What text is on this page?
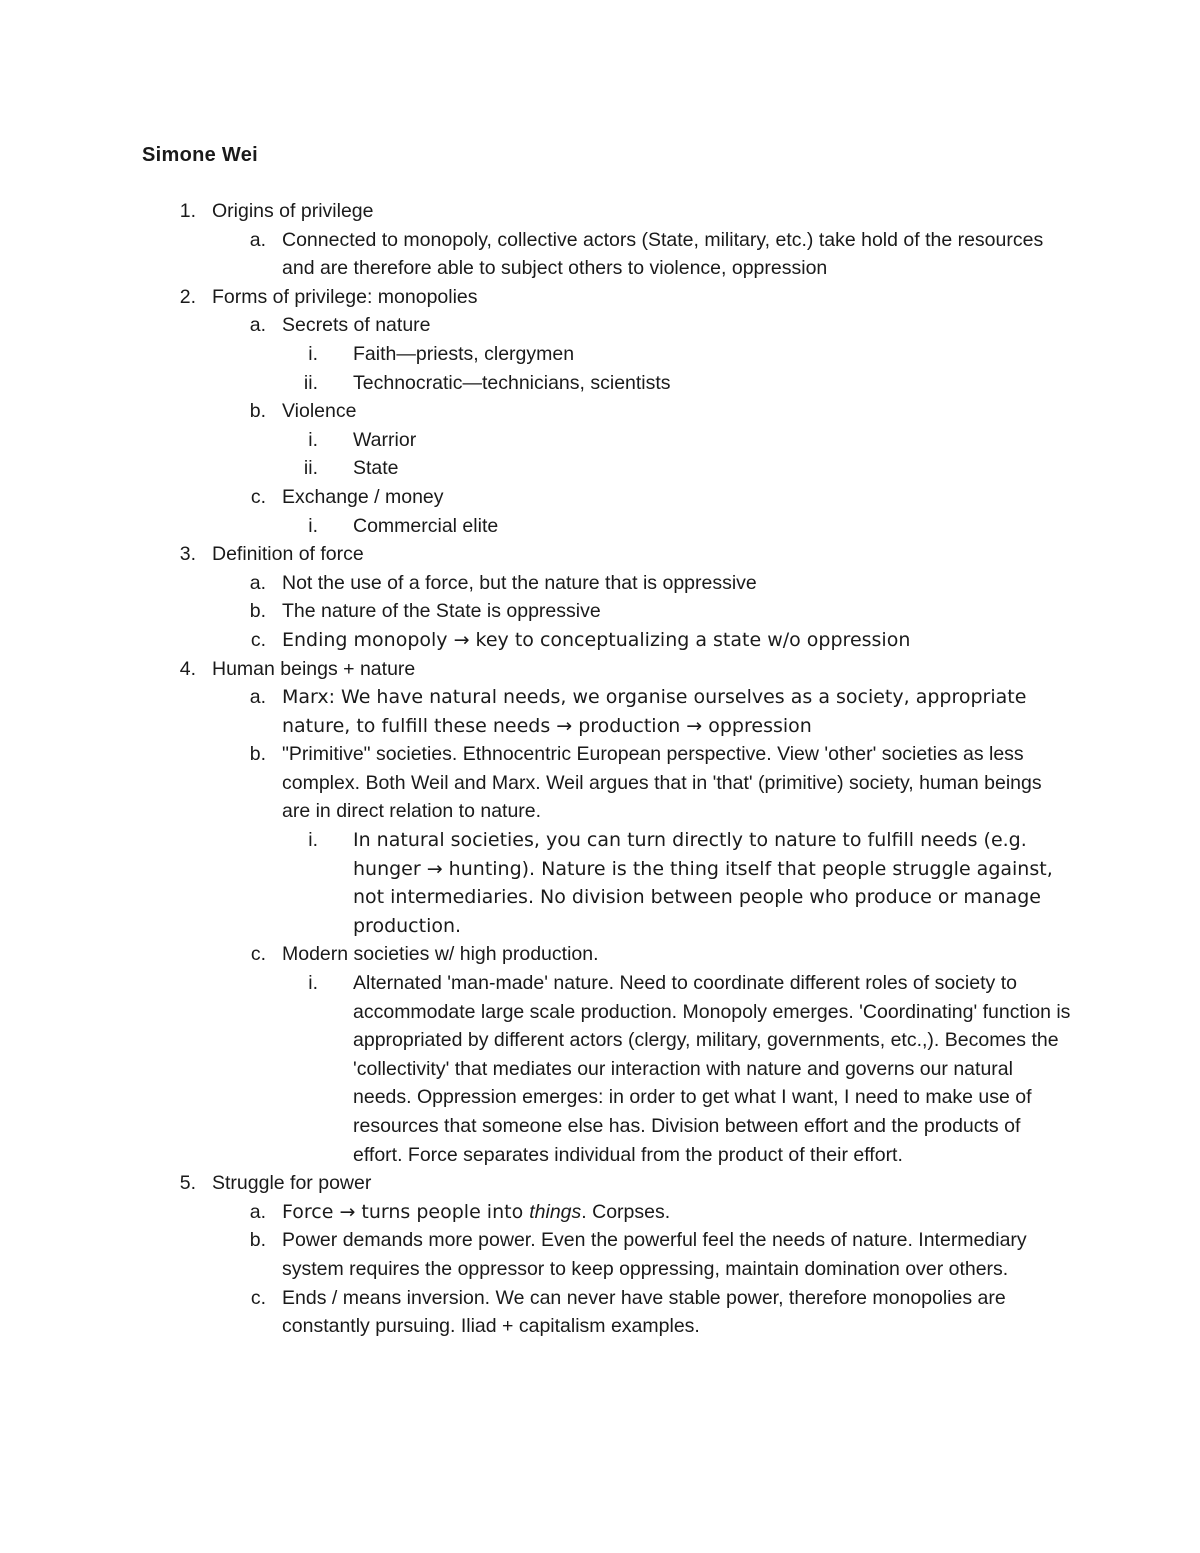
Simone Wei
1. Origins of privilege
a. Connected to monopoly, collective actors (State, military, etc.) take hold of the resources and are therefore able to subject others to violence, oppression
2. Forms of privilege: monopolies
a. Secrets of nature
i. Faith—priests, clergymen
ii. Technocratic—technicians, scientists
b. Violence
i. Warrior
ii. State
c. Exchange / money
i. Commercial elite
3. Definition of force
a. Not the use of a force, but the nature that is oppressive
b. The nature of the State is oppressive
c. Ending monopoly → key to conceptualizing a state w/o oppression
4. Human beings + nature
a. Marx: We have natural needs, we organise ourselves as a society, appropriate nature, to fulfill these needs → production → oppression
b. "Primitive" societies. Ethnocentric European perspective. View 'other' societies as less complex. Both Weil and Marx. Weil argues that in 'that' (primitive) society, human beings are in direct relation to nature.
i. In natural societies, you can turn directly to nature to fulfill needs (e.g. hunger → hunting). Nature is the thing itself that people struggle against, not intermediaries. No division between people who produce or manage production.
c. Modern societies w/ high production.
i. Alternated 'man-made' nature. Need to coordinate different roles of society to accommodate large scale production. Monopoly emerges. 'Coordinating' function is appropriated by different actors (clergy, military, governments, etc.,). Becomes the 'collectivity' that mediates our interaction with nature and governs our natural needs. Oppression emerges: in order to get what I want, I need to make use of resources that someone else has. Division between effort and the products of effort. Force separates individual from the product of their effort.
5. Struggle for power
a. Force → turns people into things. Corpses.
b. Power demands more power. Even the powerful feel the needs of nature. Intermediary system requires the oppressor to keep oppressing, maintain domination over others.
c. Ends / means inversion. We can never have stable power, therefore monopolies are constantly pursuing. Iliad + capitalism examples.
